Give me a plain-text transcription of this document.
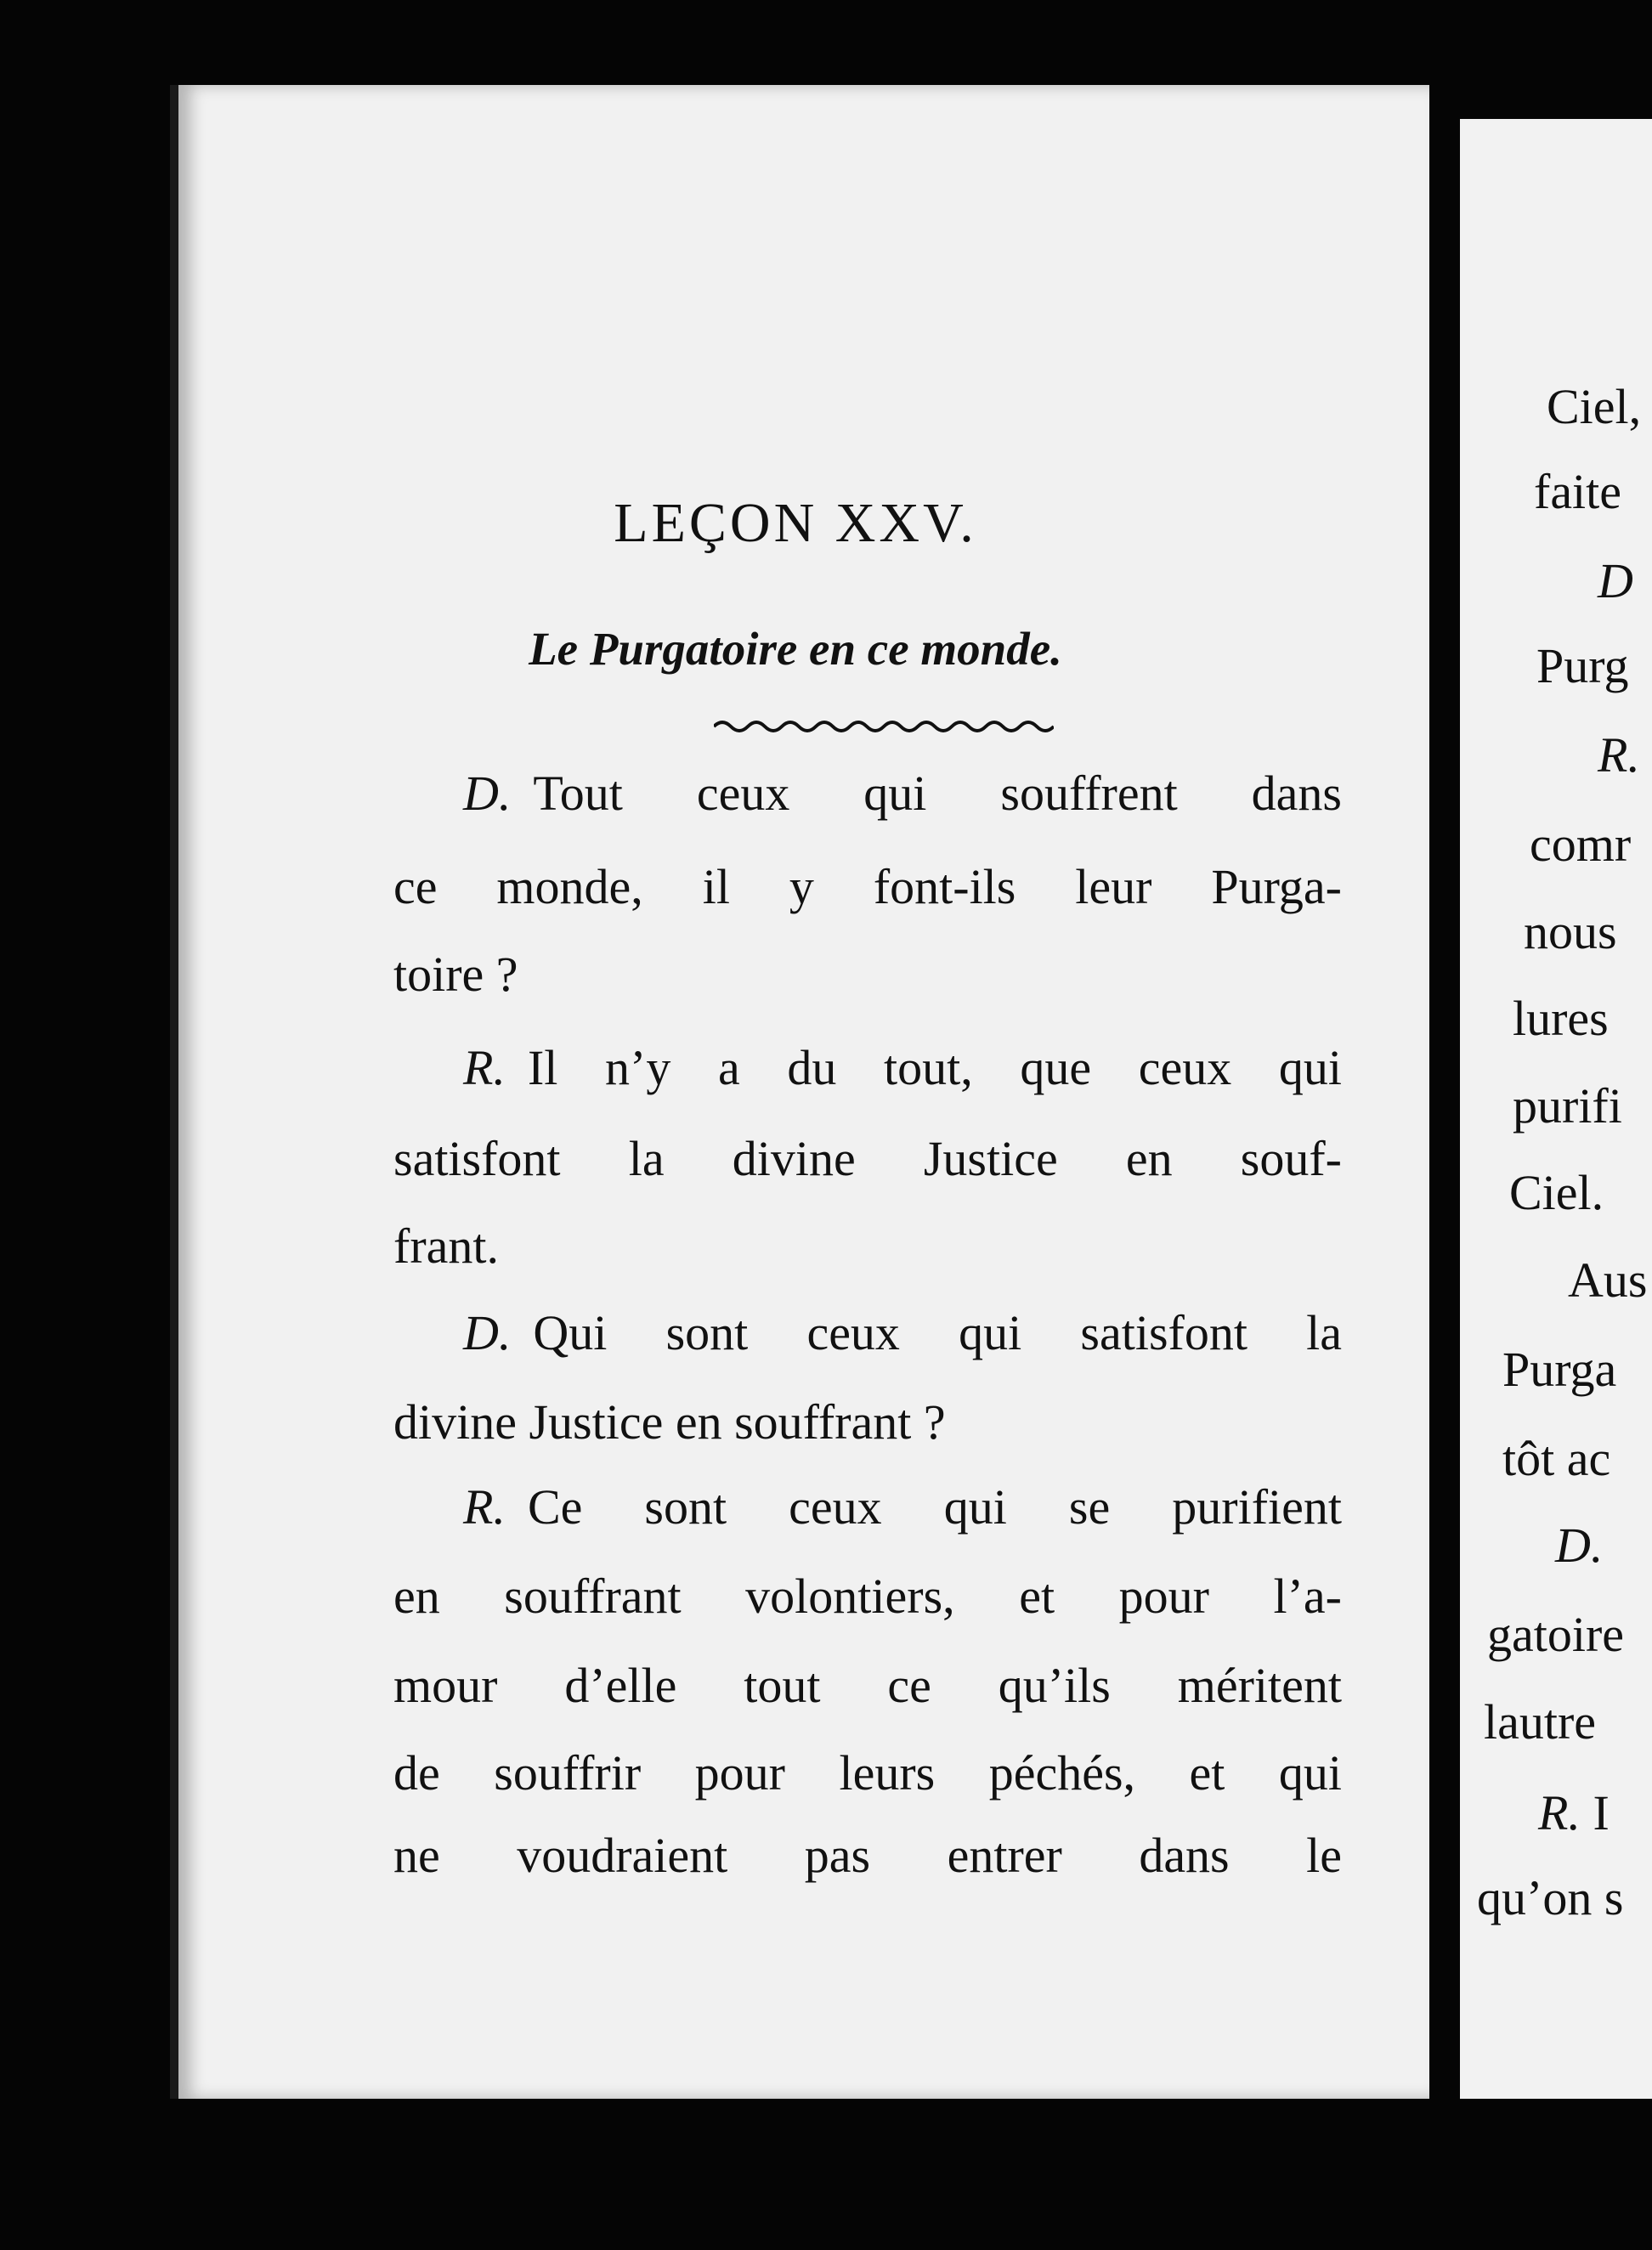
LEÇON XXV.
Le Purgatoire en ce monde.
D. Tout ceux qui souffrent dans
ce monde, il y font-ils leur Purga-
toire ?
R. Il n’y a du tout, que ceux qui
satisfont la divine Justice en souf-
frant.
D. Qui sont ceux qui satisfont la
divine Justice en souffrant ?
R. Ce sont ceux qui se purifient
en souffrant volontiers, et pour l’a-
mour d’elle tout ce qu’ils méritent
de souffrir pour leurs péchés, et qui
ne voudraient pas entrer dans le
Ciel,
faite
D
Purg
R.
comr
nous
lures
purifi
Ciel.
Aus
Purga
tôt ac
D.
gatoire
lautre
R. I
qu’on s
